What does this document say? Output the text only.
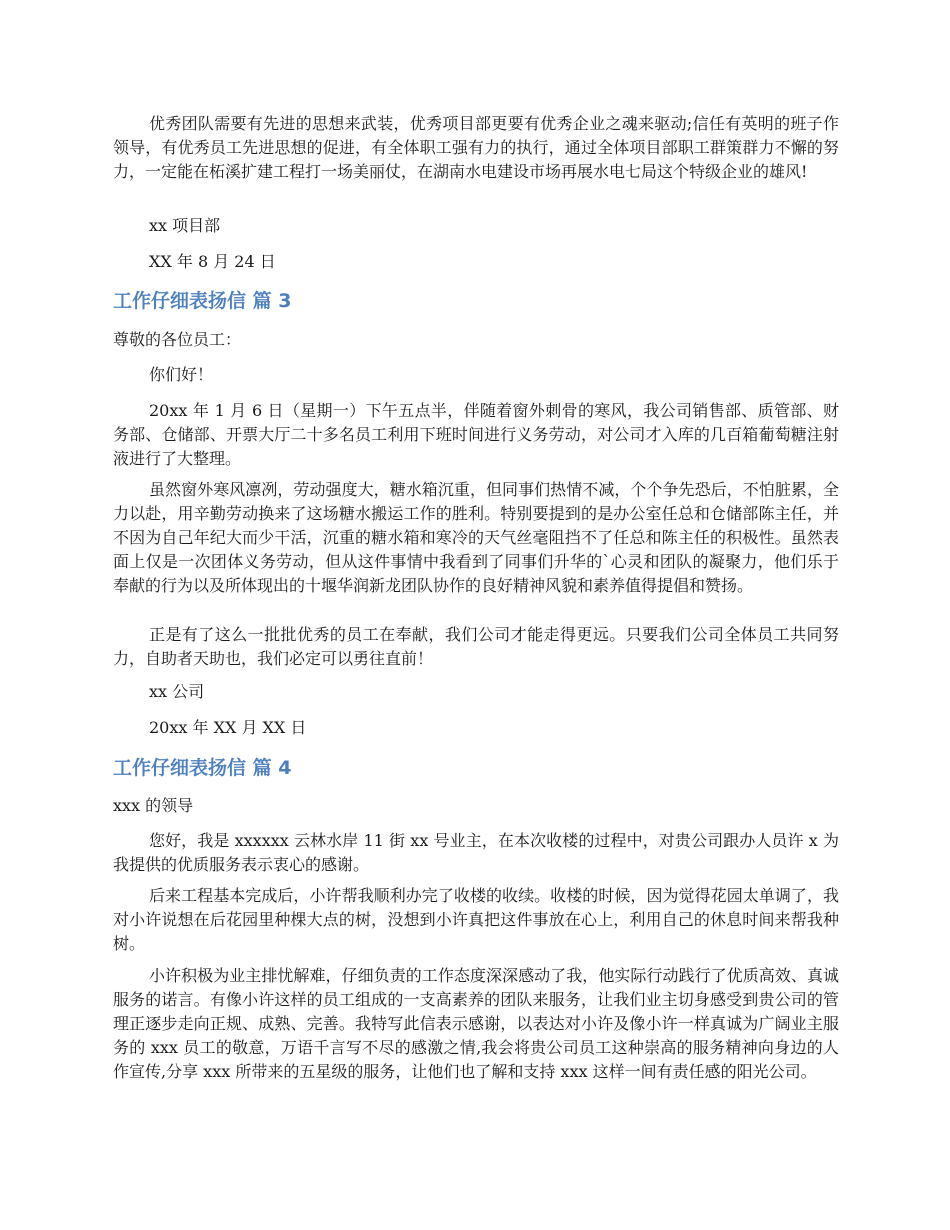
优秀团队需要有先进的思想来武装，优秀项目部更要有优秀企业之魂来驱动;信任有英明的班子作领导，有优秀员工先进思想的促进，有全体职工强有力的执行，通过全体项目部职工群策群力不懈的努力，一定能在柘溪扩建工程打一场美丽仗，在湖南水电建设市场再展水电七局这个特级企业的雄风!

xx 项目部

XX 年 8 月 24 日

工作仔细表扬信 篇 3

尊敬的各位员工：

你们好！

20xx 年 1 月 6 日（星期一）下午五点半，伴随着窗外刺骨的寒风，我公司销售部、质管部、财务部、仓储部、开票大厅二十多名员工利用下班时间进行义务劳动，对公司才入库的几百箱葡萄糖注射液进行了大整理。

虽然窗外寒风凛冽，劳动强度大，糖水箱沉重，但同事们热情不减，个个争先恐后，不怕脏累，全力以赴，用辛勤劳动换来了这场糖水搬运工作的胜利。特别要提到的是办公室任总和仓储部陈主任，并不因为自己年纪大而少干活，沉重的糖水箱和寒冷的天气丝毫阻挡不了任总和陈主任的积极性。虽然表面上仅是一次团体义务劳动，但从这件事情中我看到了同事们升华的`心灵和团队的凝聚力，他们乐于奉献的行为以及所体现出的十堰华润新龙团队协作的良好精神风貌和素养值得提倡和赞扬。

正是有了这么一批批优秀的员工在奉献，我们公司才能走得更远。只要我们公司全体员工共同努力，自助者天助也，我们必定可以勇往直前！

xx 公司

20xx 年 XX 月 XX 日

工作仔细表扬信 篇 4

xxx 的领导

您好，我是 xxxxxx 云林水岸 11 街 xx 号业主，在本次收楼的过程中，对贵公司跟办人员许 x 为我提供的优质服务表示衷心的感谢。

后来工程基本完成后，小许帮我顺利办完了收楼的收续。收楼的时候，因为觉得花园太单调了，我对小许说想在后花园里种棵大点的树，没想到小许真把这件事放在心上，利用自己的休息时间来帮我种树。

小许积极为业主排忧解难，仔细负责的工作态度深深感动了我，他实际行动践行了优质高效、真诚服务的诺言。有像小许这样的员工组成的一支高素养的团队来服务，让我们业主切身感受到贵公司的管理正逐步走向正规、成熟、完善。我特写此信表示感谢，以表达对小许及像小许一样真诚为广阔业主服务的 xxx 员工的敬意，万语千言写不尽的感激之情,我会将贵公司员工这种崇高的服务精神向身边的人作宣传,分享 xxx 所带来的五星级的服务，让他们也了解和支持 xxx 这样一间有责任感的阳光公司。
